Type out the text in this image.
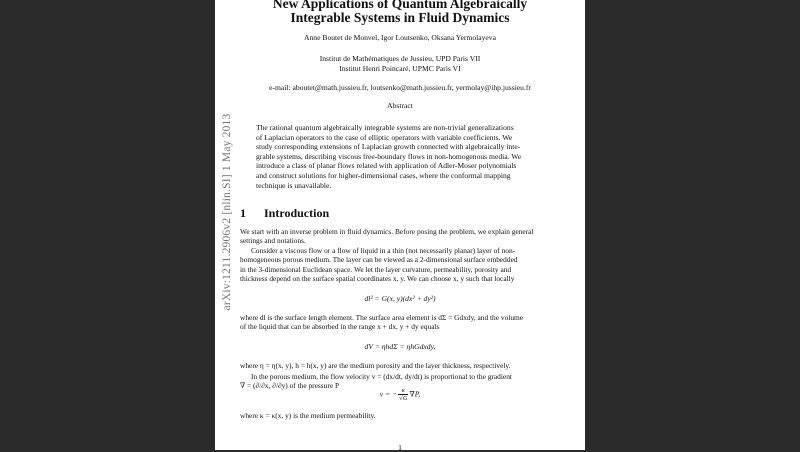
arXiv:1211.2906v2 [nlin.SI] 1 May 2013
New Applications of Quantum Algebraically
Integrable Systems in Fluid Dynamics
Anne Boutet de Monvel, Igor Loutsenko, Oksana Yermolayeva
Institut de Mathématiques de Jussieu, UPD Paris VII
Institut Henri Poincaré, UPMC Paris VI
e-mail: aboutet@math.jussieu.fr, loutsenko@math.jussieu.fr, yermolay@ihp.jussieu.fr
Abstract
The rational quantum algebraically integrable systems are non-trivial generalizations
of Laplacian operators to the case of elliptic operators with variable coefficients. We
study corresponding extensions of Laplacian growth connected with algebraically inte-
grable systems, describing viscous free-boundary flows in non-homogenous media. We
introduce a class of planar flows related with application of Adler-Moser polynomials
and construct solutions for higher-dimensional cases, where the conformal mapping
technique is unavailable.
1 Introduction
We start with an inverse problem in fluid dynamics. Before posing the problem, we explain general
settings and notations.
Consider a viscous flow or a flow of liquid in a thin (not necessarily planar) layer of non-
homogeneous porous medium. The layer can be viewed as a 2-dimensional surface embedded
in the 3-dimensional Euclidean space. We let the layer curvature, permeability, porosity and
thickness depend on the surface spatial coordinates x, y. We can choose x, y such that locally
dl² = G(x, y)(dx² + dy²)
where dl is the surface length element. The surface area element is dΣ = Gdxdy, and the volume
of the liquid that can be absorbed in the range x + dx, y + dy equals
dV = ηhdΣ = ηhGdxdy,
where η = η(x, y), h = h(x, y) are the medium porosity and the layer thickness, respectively.
In the porous medium, the flow velocity v = (dx/dt, dy/dt) is proportional to the gradient
∇ = (∂/∂x, ∂/∂y) of the pressure P
v = − $\frac{\kappa}{√G} \nabla P$,
where κ = κ(x, y) is the medium permeability.
1
